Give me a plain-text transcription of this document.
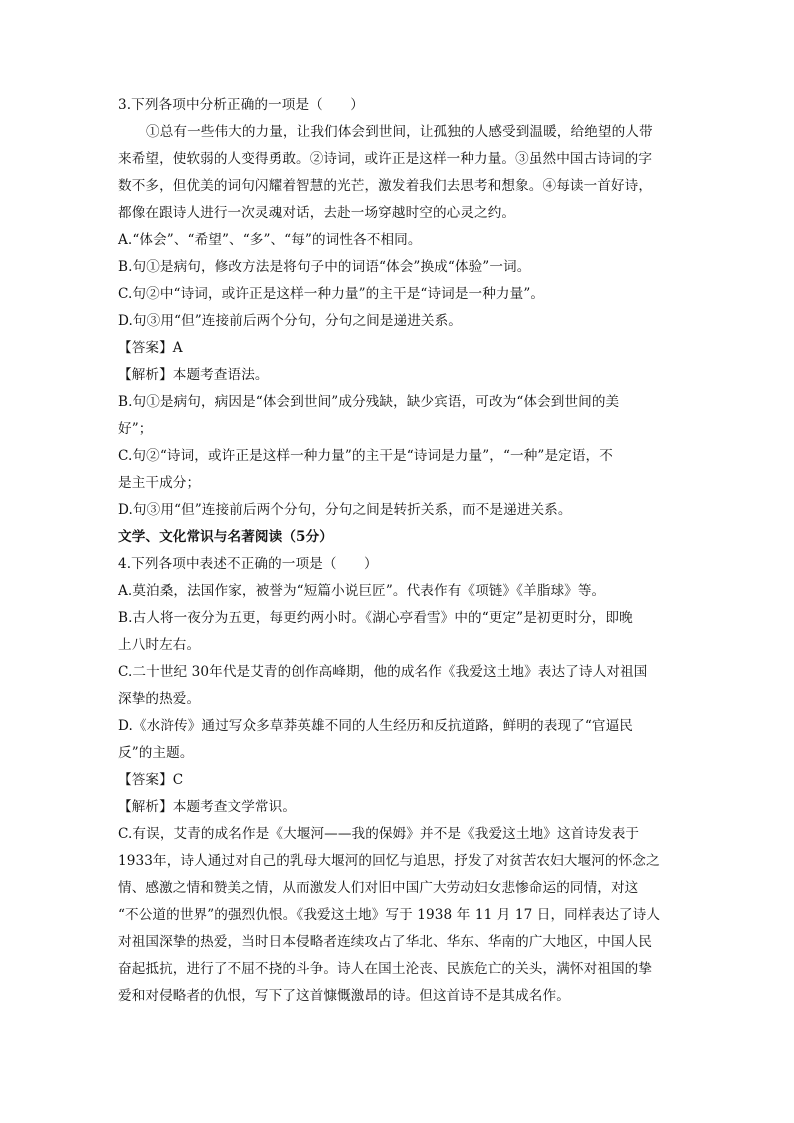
3.下列各项中分析正确的一项是（　　）
①总有一些伟大的力量，让我们体会到世间，让孤独的人感受到温暖，给绝望的人带
来希望，使软弱的人变得勇敢。②诗词，或许正是这样一种力量。③虽然中国古诗词的字
数不多，但优美的词句闪耀着智慧的光芒，激发着我们去思考和想象。④每读一首好诗，
都像在跟诗人进行一次灵魂对话，去赴一场穿越时空的心灵之约。
A.“体会”、“希望”、“多”、“每”的词性各不相同。
B.句①是病句，修改方法是将句子中的词语“体会”换成“体验”一词。
C.句②中“诗词，或许正是这样一种力量”的主干是“诗词是一种力量”。
D.句③用“但”连接前后两个分句，分句之间是递进关系。
【答案】A
【解析】本题考查语法。
B.句①是病句，病因是“体会到世间”成分残缺，缺少宾语，可改为“体会到世间的美
好”；
C.句②“诗词，或许正是这样一种力量”的主干是“诗词是力量”，“一种”是定语，不
是主干成分；
D.句③用“但”连接前后两个分句，分句之间是转折关系，而不是递进关系。
文学、文化常识与名著阅读（5分）
4.下列各项中表述不正确的一项是（　　）
A.莫泊桑，法国作家，被誉为“短篇小说巨匠”。代表作有《项链》《羊脂球》等。
B.古人将一夜分为五更，每更约两小时。《湖心亭看雪》中的“更定”是初更时分，即晚
上八时左右。
C.二十世纪 30年代是艾青的创作高峰期，他的成名作《我爱这土地》表达了诗人对祖国
深挚的热爱。
D.《水浒传》通过写众多草莽英雄不同的人生经历和反抗道路，鲜明的表现了“官逼民
反”的主题。
【答案】C
【解析】本题考查文学常识。
C.有误，艾青的成名作是《大堰河——我的保姆》并不是《我爱这土地》这首诗发表于
1933年，诗人通过对自己的乳母大堰河的回忆与追思，抒发了对贫苦农妇大堰河的怀念之
情、感激之情和赞美之情，从而激发人们对旧中国广大劳动妇女悲惨命运的同情，对这
“不公道的世界”的强烈仇恨。《我爱这土地》写于 1938 年 11 月 17 日，同样表达了诗人
对祖国深挚的热爱，当时日本侵略者连续攻占了华北、华东、华南的广大地区，中国人民
奋起抵抗，进行了不屈不挠的斗争。诗人在国土沦丧、民族危亡的关头，满怀对祖国的挚
爱和对侵略者的仇恨，写下了这首慷慨激昂的诗。但这首诗不是其成名作。
